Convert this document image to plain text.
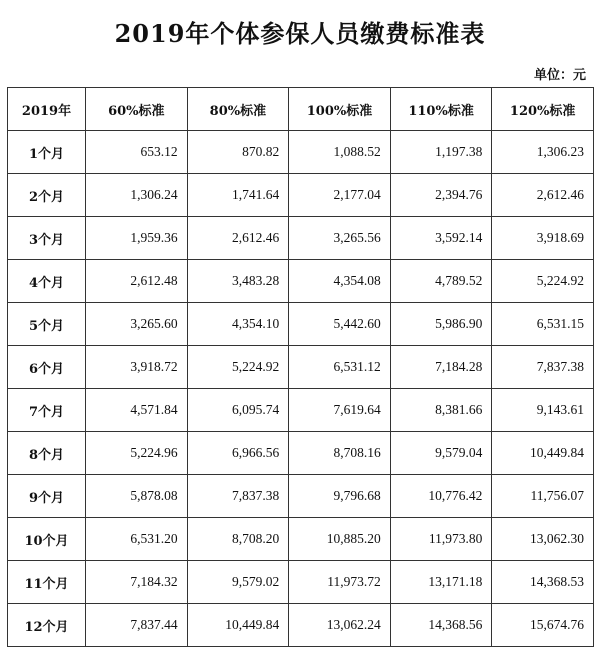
2019年个体参保人员缴费标准表
单位：元
2019年	60%标准	80%标准	100%标准	110%标准	120%标准
1个月	653.12	870.82	1,088.52	1,197.38	1,306.23
2个月	1,306.24	1,741.64	2,177.04	2,394.76	2,612.46
3个月	1,959.36	2,612.46	3,265.56	3,592.14	3,918.69
4个月	2,612.48	3,483.28	4,354.08	4,789.52	5,224.92
5个月	3,265.60	4,354.10	5,442.60	5,986.90	6,531.15
6个月	3,918.72	5,224.92	6,531.12	7,184.28	7,837.38
7个月	4,571.84	6,095.74	7,619.64	8,381.66	9,143.61
8个月	5,224.96	6,966.56	8,708.16	9,579.04	10,449.84
9个月	5,878.08	7,837.38	9,796.68	10,776.42	11,756.07
10个月	6,531.20	8,708.20	10,885.20	11,973.80	13,062.30
11个月	7,184.32	9,579.02	11,973.72	13,171.18	14,368.53
12个月	7,837.44	10,449.84	13,062.24	14,368.56	15,674.76
